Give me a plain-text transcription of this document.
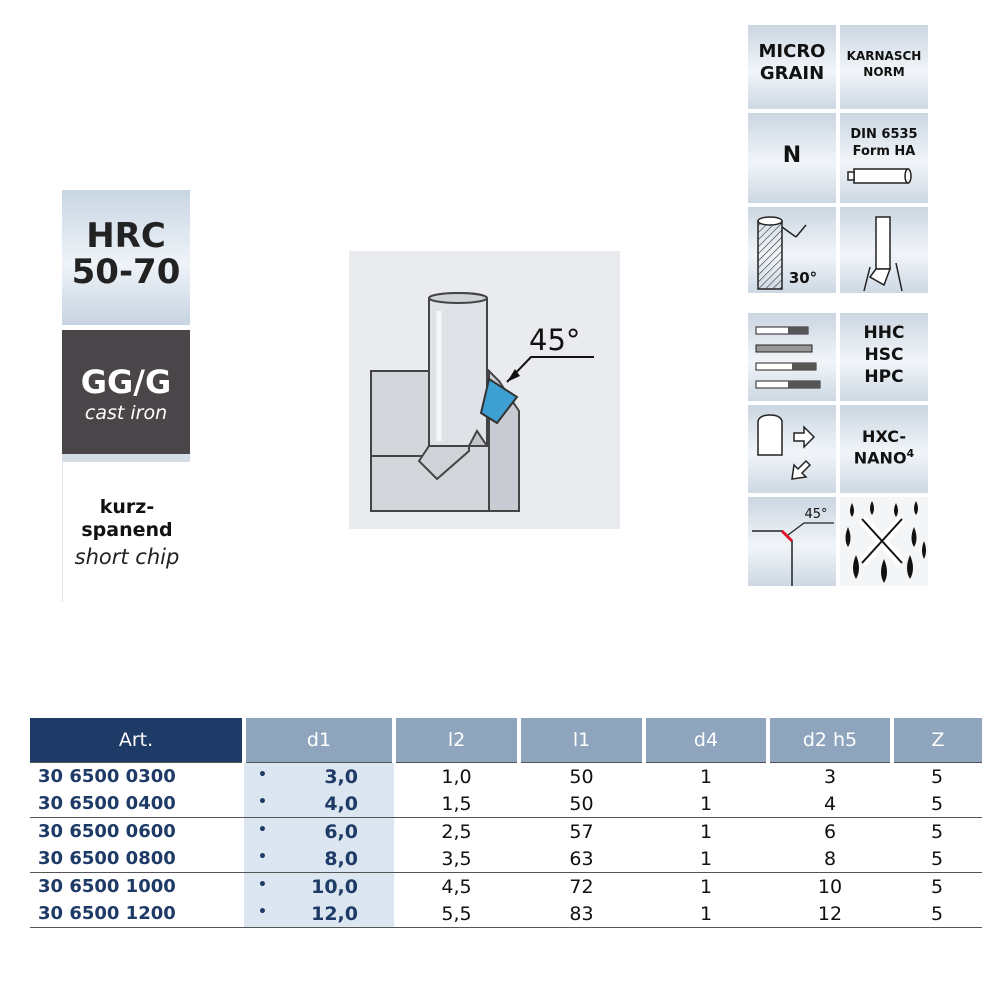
HRC
50-70
GG/G
cast iron
kurz-
spanend
short chip
45°
MICRO
GRAIN
KARNASCH
NORM
N
DIN 6535
Form HA
30°
HHC
HSC
HPC
HXC-
NANO$^4$
45°
Art.	d1	l2	l1	d4	d2 h5	Z
30 6500 0300	• 3,0	1,0	50	1	3	5
30 6500 0400	• 4,0	1,5	50	1	4	5
30 6500 0600	• 6,0	2,5	57	1	6	5
30 6500 0800	• 8,0	3,5	63	1	8	5
30 6500 1000	• 10,0	4,5	72	1	10	5
30 6500 1200	• 12,0	5,5	83	1	12	5
